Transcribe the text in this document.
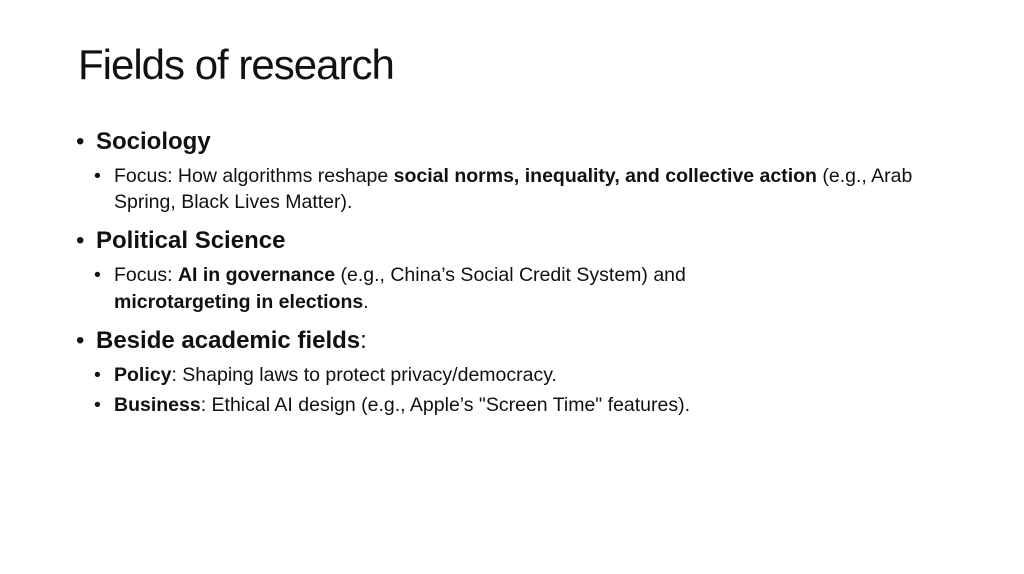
Fields of research
• Sociology
• Focus: How algorithms reshape social norms, inequality, and collective action (e.g., Arab Spring, Black Lives Matter).
• Political Science
• Focus: AI in governance (e.g., China’s Social Credit System) and microtargeting in elections.
• Beside academic fields:
• Policy: Shaping laws to protect privacy/democracy.
• Business: Ethical AI design (e.g., Apple’s "Screen Time" features).
